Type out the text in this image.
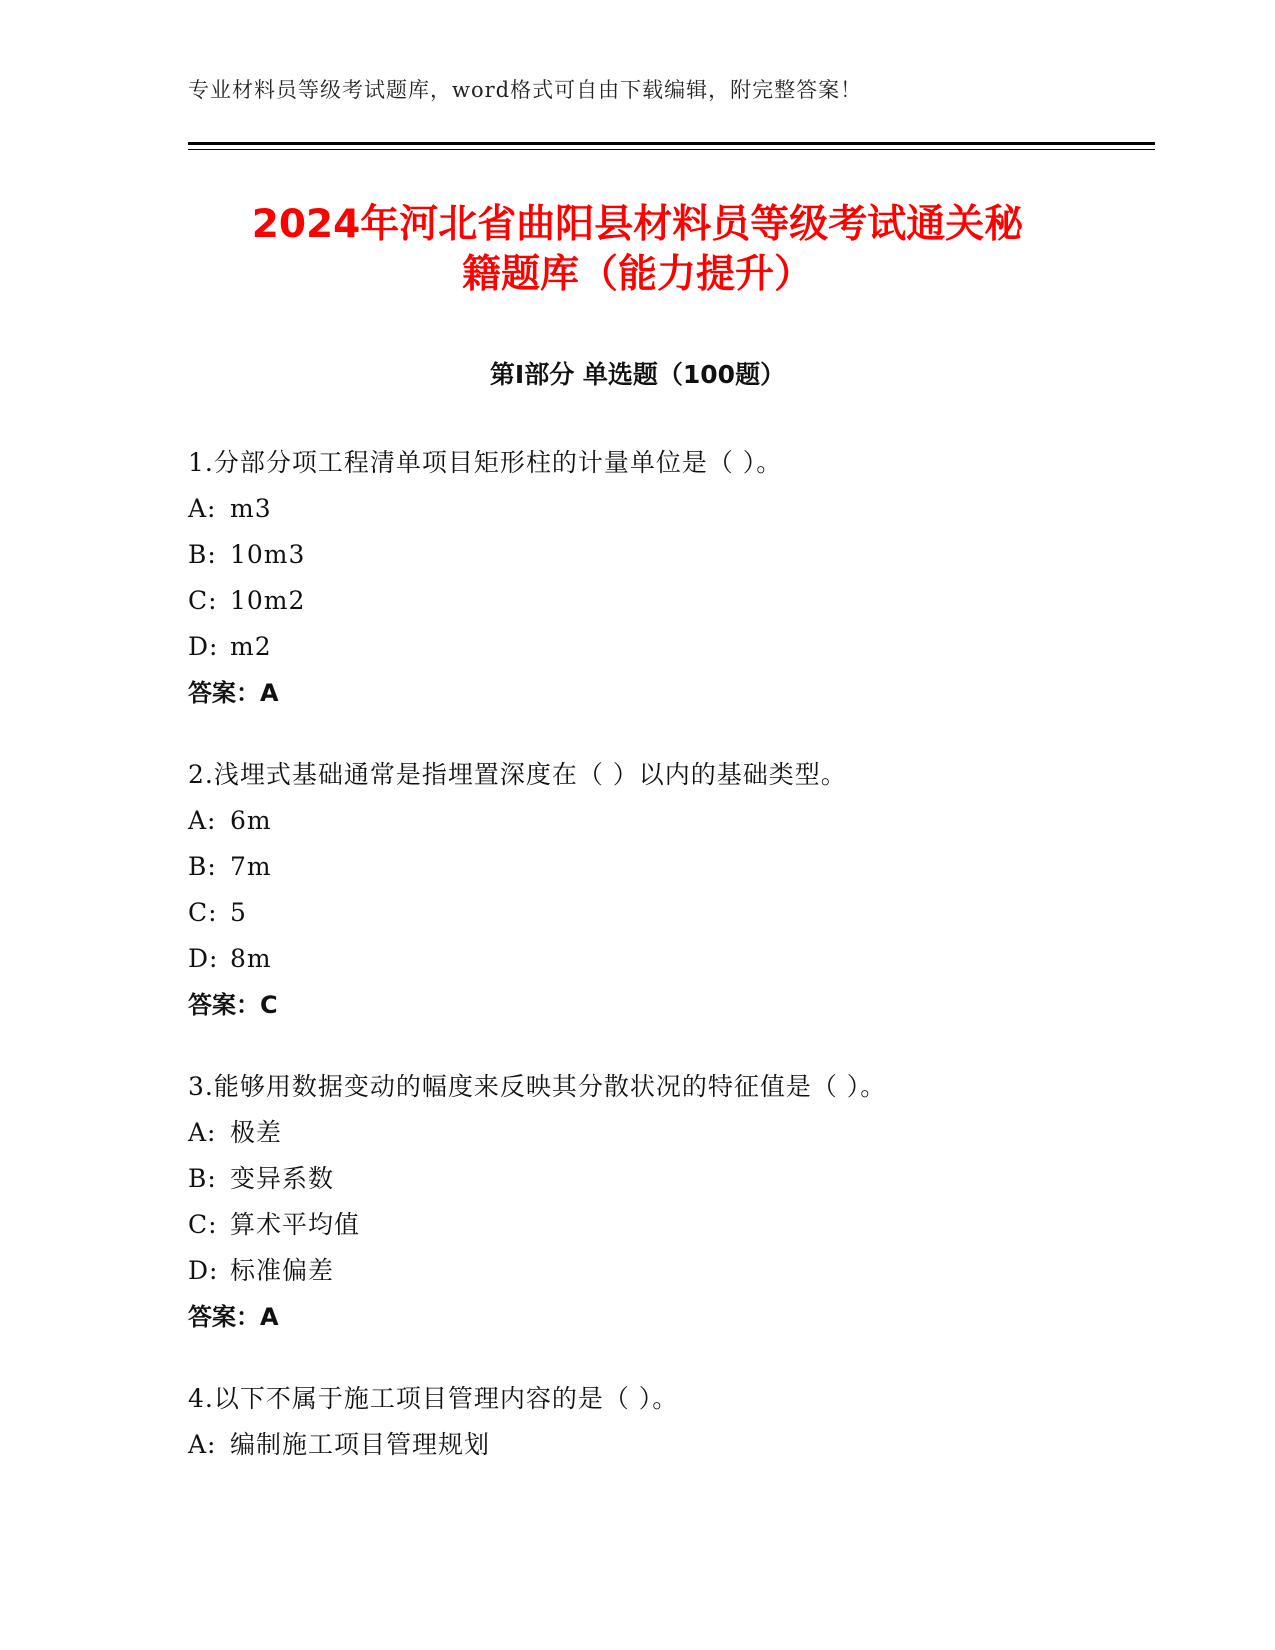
专业材料员等级考试题库，word格式可自由下载编辑，附完整答案！
2024年河北省曲阳县材料员等级考试通关秘
籍题库（能力提升）
第Ⅰ部分 单选题（100题）
1.分部分项工程清单项目矩形柱的计量单位是（ ）。
A: m3
B: 10m3
C: 10m2
D: m2
答案：A
2.浅埋式基础通常是指埋置深度在（ ）以内的基础类型。
A: 6m
B: 7m
C: 5
D: 8m
答案：C
3.能够用数据变动的幅度来反映其分散状况的特征值是（ ）。
A: 极差
B: 变异系数
C: 算术平均值
D: 标准偏差
答案：A
4.以下不属于施工项目管理内容的是（ ）。
A: 编制施工项目管理规划
